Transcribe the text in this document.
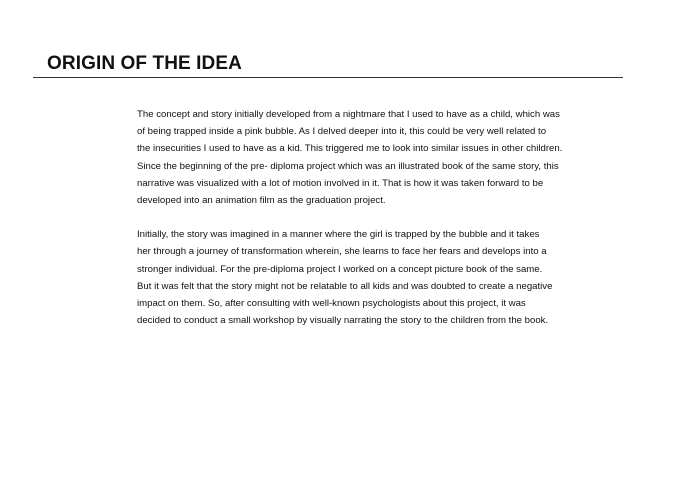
ORIGIN OF THE IDEA

The concept and story initially developed from a nightmare that I used to have as a child, which was
of being trapped inside a pink bubble. As I delved deeper into it, this could be very well related to
the insecurities I used to have as a kid. This triggered me to look into similar issues in other children.
Since the beginning of the pre- diploma project which was an illustrated book of the same story, this
narrative was visualized with a lot of motion involved in it. That is how it was taken forward to be
developed into an animation film as the graduation project.

Initially, the story was imagined in a manner where the girl is trapped by the bubble and it takes
her through a journey of transformation wherein, she learns to face her fears and develops into a
stronger individual. For the pre-diploma project I worked on a concept picture book of the same.
But it was felt that the story might not be relatable to all kids and was doubted to create a negative
impact on them. So, after consulting with well-known psychologists about this project, it was
decided to conduct a small workshop by visually narrating the story to the children from the book.
